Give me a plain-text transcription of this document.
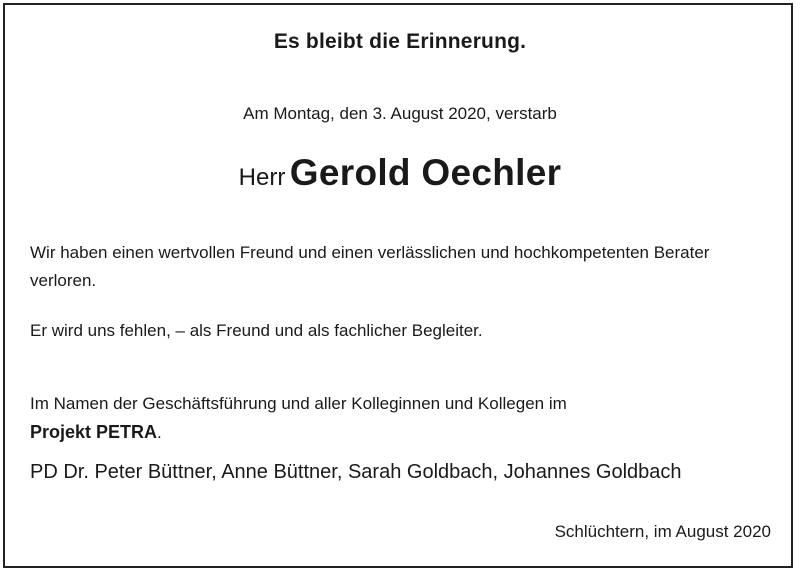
Es bleibt die Erinnerung.
Am Montag, den 3. August 2020, verstarb
Herr Gerold Oechler
Wir haben einen wertvollen Freund und einen verlässlichen und hochkompetenten Berater verloren.
Er wird uns fehlen, – als Freund und als fachlicher Begleiter.
Im Namen der Geschäftsführung und aller Kolleginnen und Kollegen im
Projekt PETRA.
PD Dr. Peter Büttner, Anne Büttner, Sarah Goldbach, Johannes Goldbach
Schlüchtern, im August 2020
